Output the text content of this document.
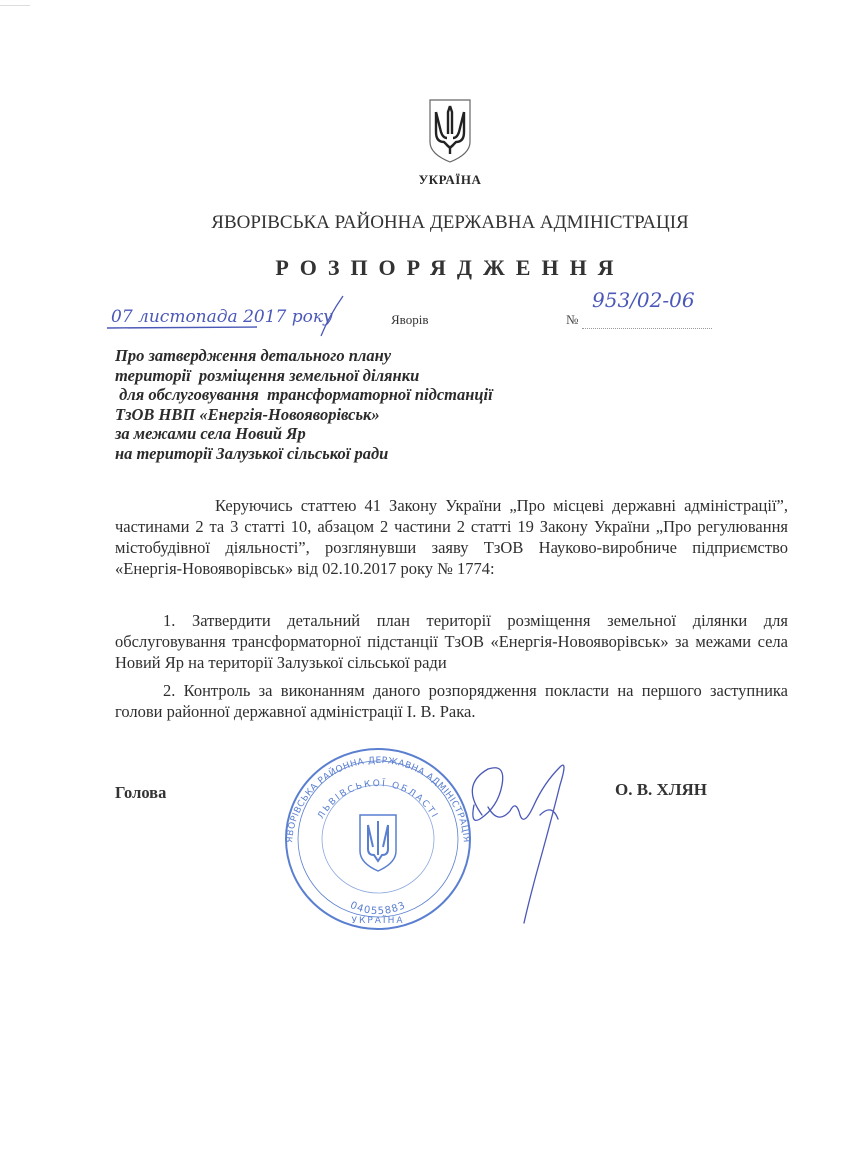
УКРАЇНА
ЯВОРІВСЬКА РАЙОННА ДЕРЖАВНА АДМІНІСТРАЦІЯ
РОЗПОРЯДЖЕННЯ
07 листопада 2017 року	Яворів	№
953/02-06
Про затвердження детального плану
території  розміщення земельної ділянки
для обслуговування  трансформаторної підстанції
ТзОВ НВП «Енергія-Новояворівськ»
за межами села Новий Яр
на території Залузької сільської ради
Керуючись статтею 41 Закону України „Про місцеві державні адміністрації”, частинами 2 та 3 статті 10, абзацом 2 частини 2 статті 19 Закону України „Про регулювання містобудівної діяльності”, розглянувши заяву ТзОВ Науково-виробниче підприємство «Енергія-Новояворівськ» від 02.10.2017 року № 1774:
1. Затвердити детальний план території розміщення земельної ділянки для обслуговування трансформаторної підстанції ТзОВ «Енергія-Новояворівськ» за межами села Новий Яр на території Залузької сільської ради
2. Контроль за виконанням даного розпорядження покласти на першого заступника голови районної державної адміністрації І. В. Рака.
Голова
ЯВОРІВСЬКА РАЙОННА ДЕРЖАВНА АДМІНІСТРАЦІЯ
ЛЬВІВСЬКОЇ ОБЛАСТІ
04055883
УКРАЇНА
О. В. ХЛЯН
